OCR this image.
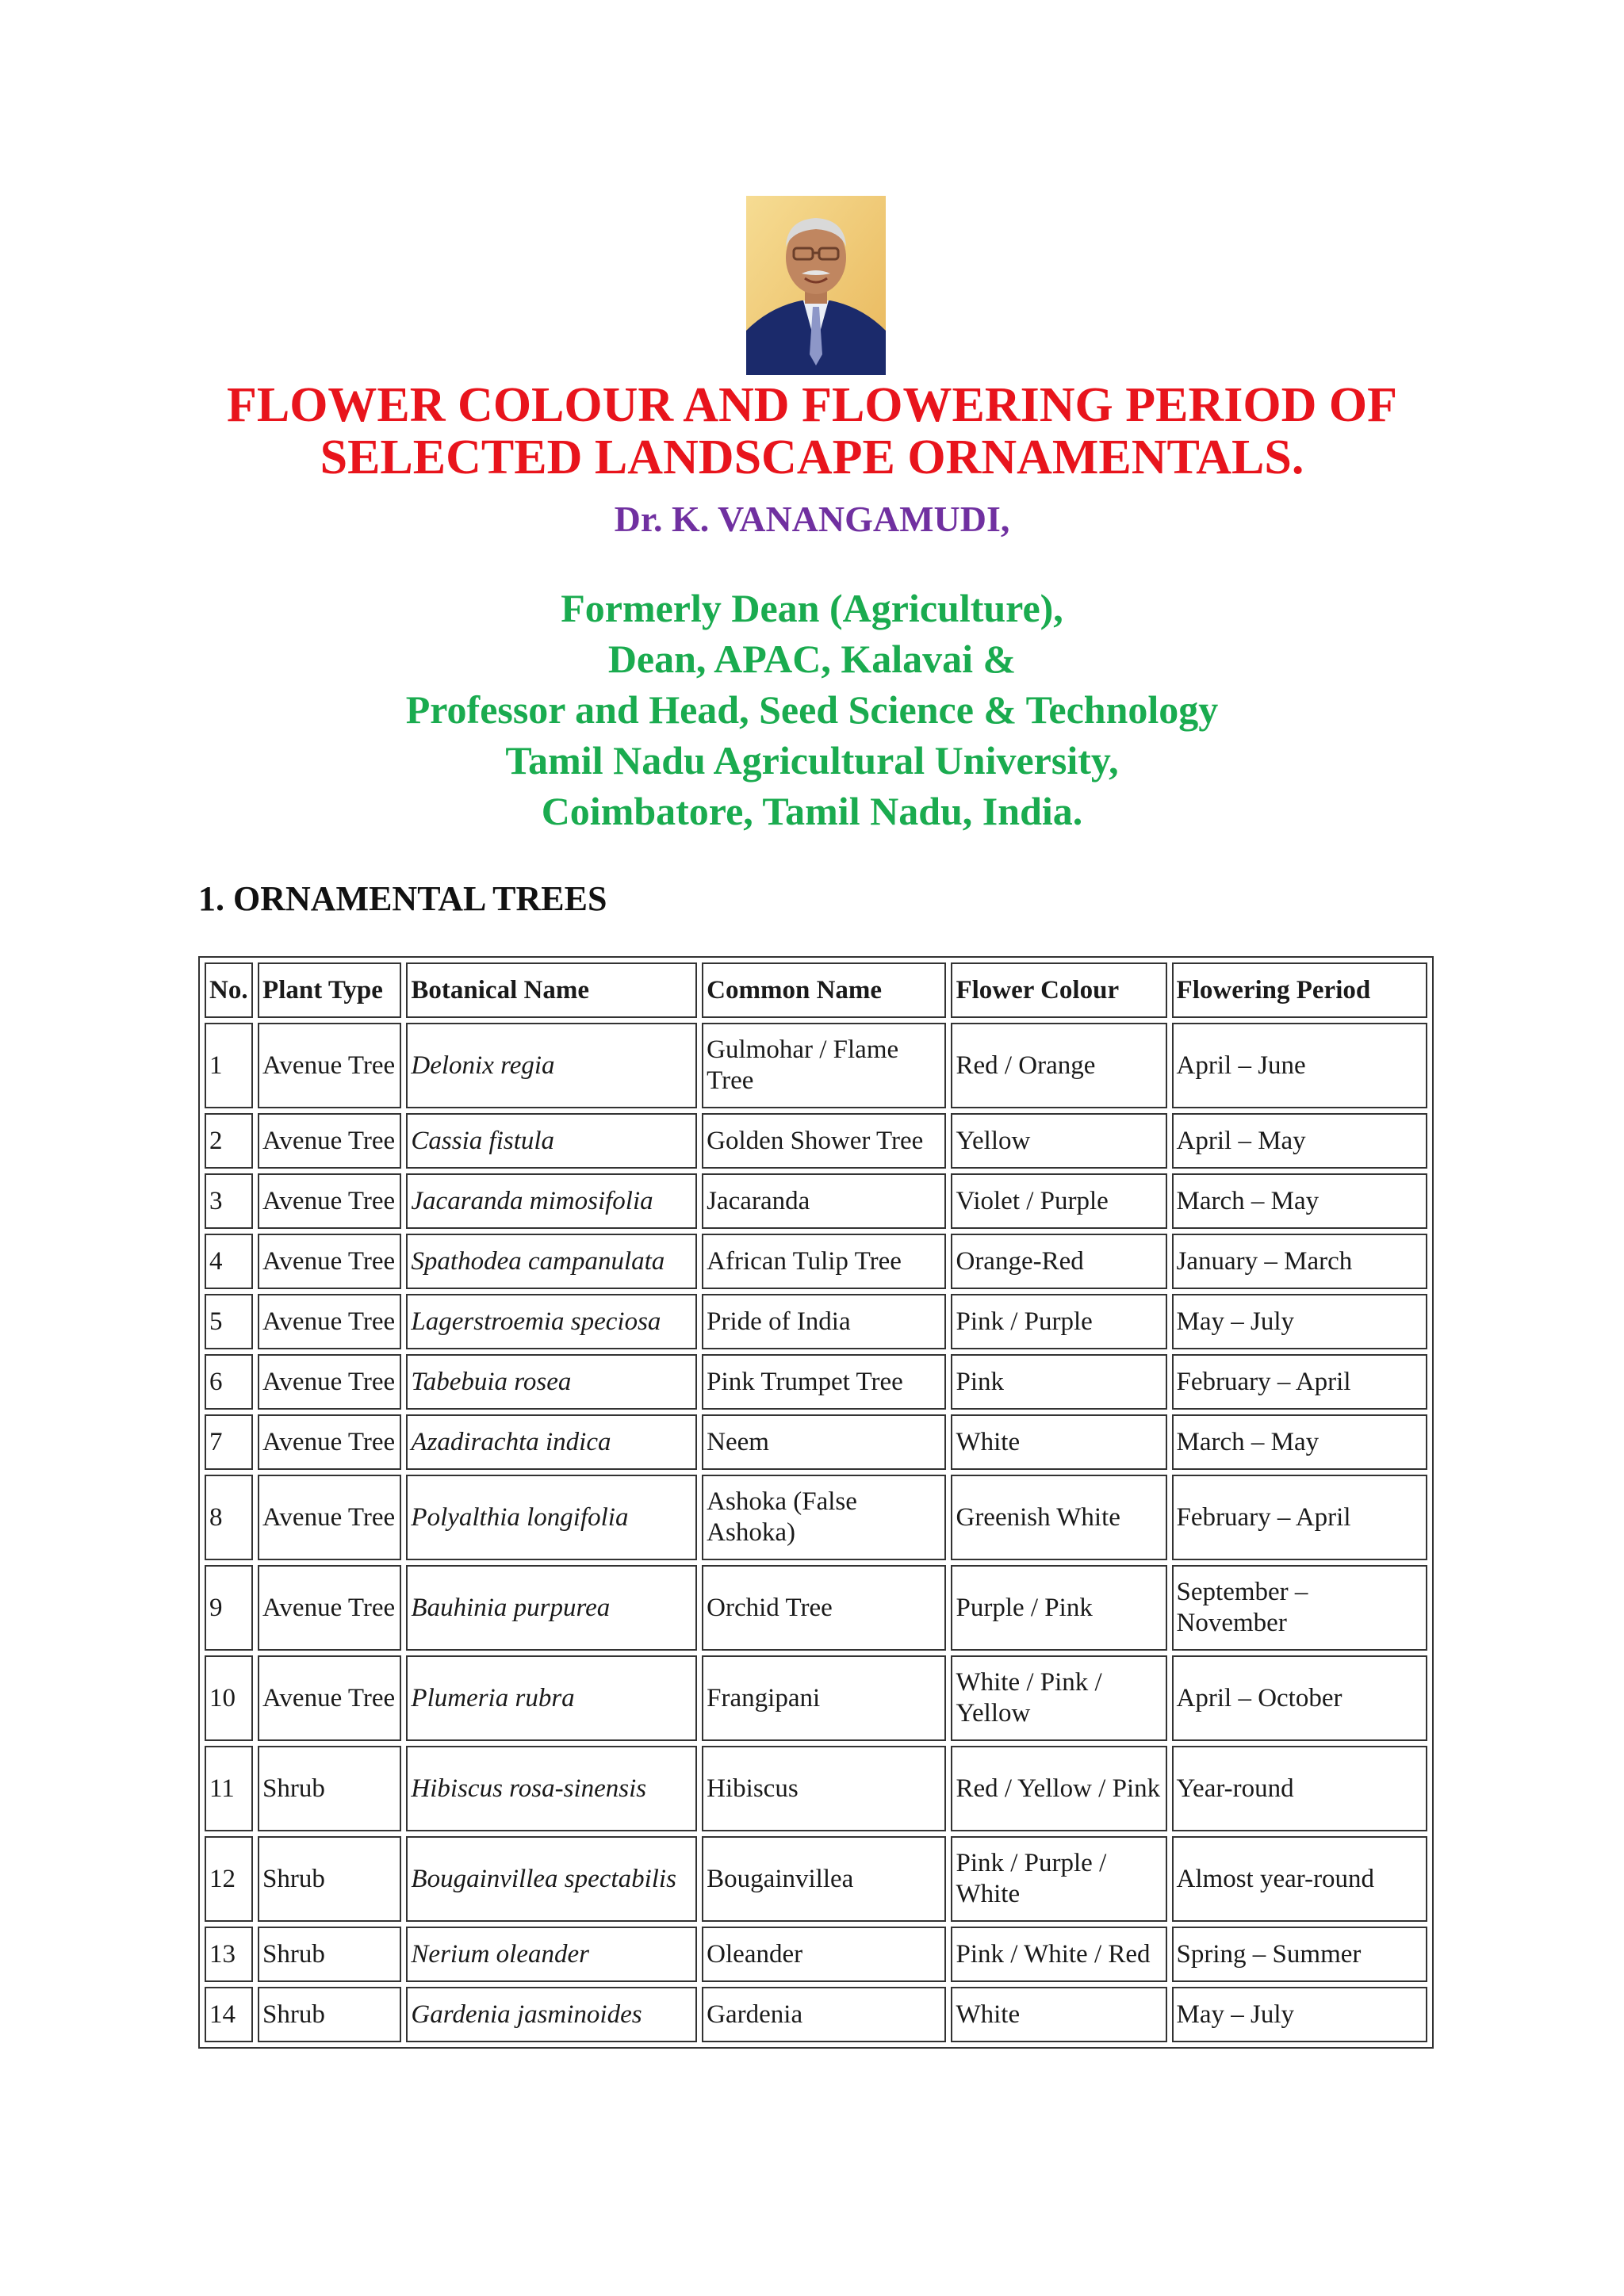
FLOWER COLOUR AND FLOWERING PERIOD OF
SELECTED LANDSCAPE ORNAMENTALS.
Dr. K. VANANGAMUDI,
Formerly Dean (Agriculture),
Dean, APAC, Kalavai &
Professor and Head, Seed Science & Technology
Tamil Nadu Agricultural University,
Coimbatore, Tamil Nadu, India.
1. ORNAMENTAL TREES
No.	Plant Type	Botanical Name	Common Name	Flower Colour	Flowering Period
1	Avenue Tree	Delonix regia	Gulmohar / Flame Tree	Red / Orange	April – June
2	Avenue Tree	Cassia fistula	Golden Shower Tree	Yellow	April – May
3	Avenue Tree	Jacaranda mimosifolia	Jacaranda	Violet / Purple	March – May
4	Avenue Tree	Spathodea campanulata	African Tulip Tree	Orange-Red	January – March
5	Avenue Tree	Lagerstroemia speciosa	Pride of India	Pink / Purple	May – July
6	Avenue Tree	Tabebuia rosea	Pink Trumpet Tree	Pink	February – April
7	Avenue Tree	Azadirachta indica	Neem	White	March – May
8	Avenue Tree	Polyalthia longifolia	Ashoka (False Ashoka)	Greenish White	February – April
9	Avenue Tree	Bauhinia purpurea	Orchid Tree	Purple / Pink	September – November
10	Avenue Tree	Plumeria rubra	Frangipani	White / Pink / Yellow	April – October
11	Shrub	Hibiscus rosa-sinensis	Hibiscus	Red / Yellow / Pink	Year-round
12	Shrub	Bougainvillea spectabilis	Bougainvillea	Pink / Purple / White	Almost year-round
13	Shrub	Nerium oleander	Oleander	Pink / White / Red	Spring – Summer
14	Shrub	Gardenia jasminoides	Gardenia	White	May – July
